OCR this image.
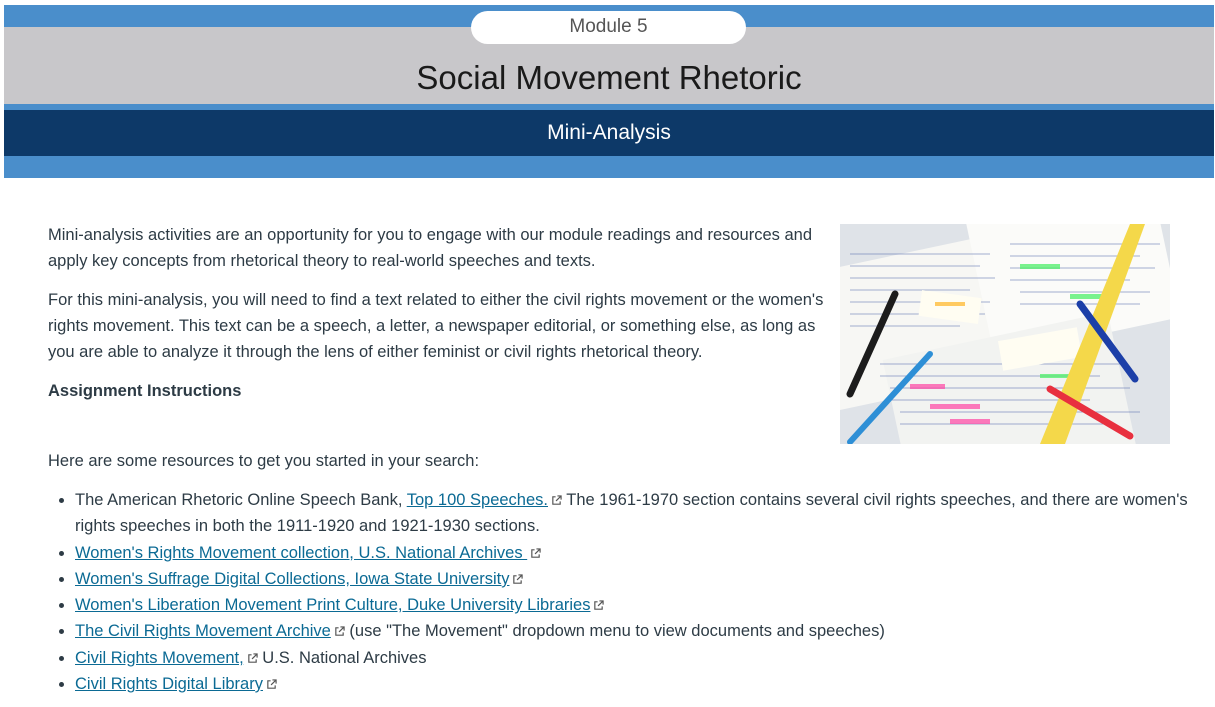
Module 5
Social Movement Rhetoric
Mini-Analysis

Mini-analysis activities are an opportunity for you to engage with our module readings and resources and apply key concepts from rhetorical theory to real-world speeches and texts.

For this mini-analysis, you will need to find a text related to either the civil rights movement or the women's rights movement. This text can be a speech, a letter, a newspaper editorial, or something else, as long as you are able to analyze it through the lens of either feminist or civil rights rhetorical theory.

Assignment Instructions

Here are some resources to get you started in your search:

• The American Rhetoric Online Speech Bank, Top 100 Speeches. The 1961-1970 section contains several civil rights speeches, and there are women's rights speeches in both the 1911-1920 and 1921-1930 sections.
• Women's Rights Movement collection, U.S. National Archives
• Women's Suffrage Digital Collections, Iowa State University
• Women's Liberation Movement Print Culture, Duke University Libraries
• The Civil Rights Movement Archive (use "The Movement" dropdown menu to view documents and speeches)
• Civil Rights Movement, U.S. National Archives
• Civil Rights Digital Library
